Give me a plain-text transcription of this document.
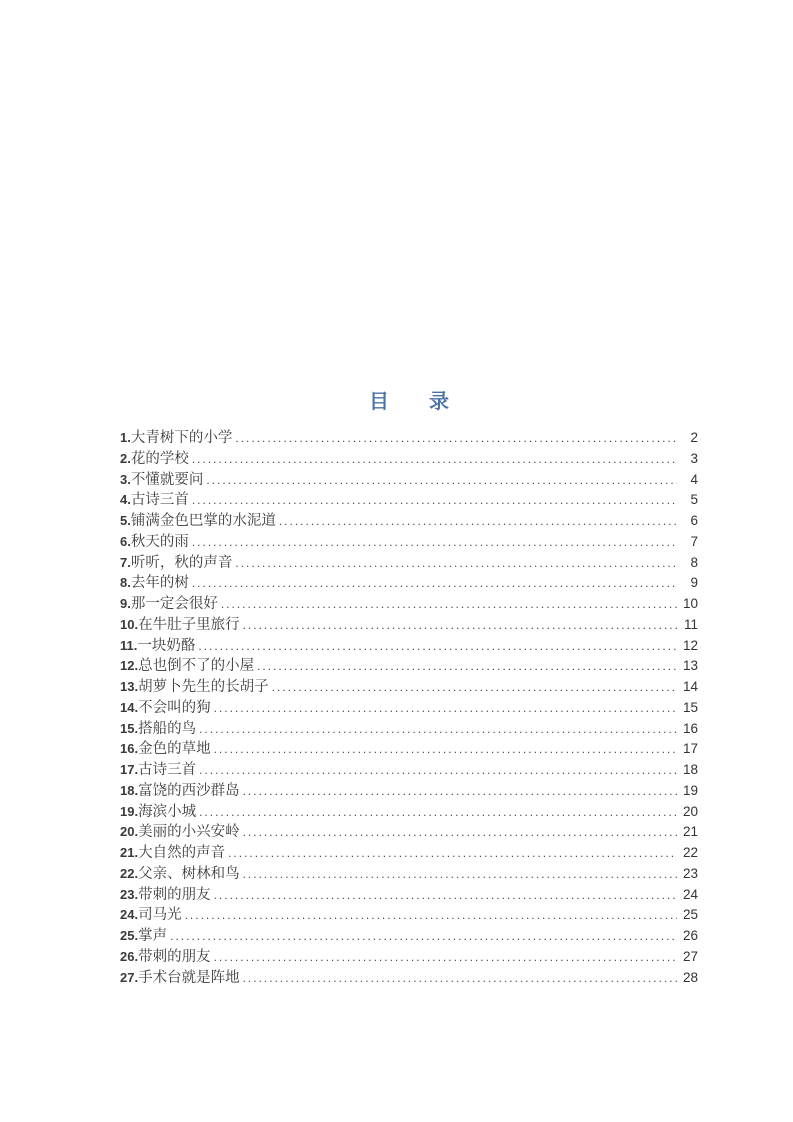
目　　录
1. 大青树下的小学 .....	2
2. 花的学校 .....	3
3. 不懂就要问 .....	4
4. 古诗三首 .....	5
5. 铺满金色巴掌的水泥道 .....	6
6. 秋天的雨 .....	7
7. 听听，秋的声音 .....	8
8. 去年的树 .....	9
9. 那一定会很好 .....	10
10. 在牛肚子里旅行 .....	11
11. 一块奶酪 .....	12
12. 总也倒不了的小屋 .....	13
13. 胡萝卜先生的长胡子 .....	14
14. 不会叫的狗 .....	15
15. 搭船的鸟 .....	16
16. 金色的草地 .....	17
17. 古诗三首 .....	18
18. 富饶的西沙群岛 .....	19
19. 海滨小城 .....	20
20. 美丽的小兴安岭 .....	21
21. 大自然的声音 .....	22
22. 父亲、树林和鸟 .....	23
23. 带刺的朋友 .....	24
24. 司马光 .....	25
25. 掌声 .....	26
26. 带刺的朋友 .....	27
27. 手术台就是阵地 .....	28
